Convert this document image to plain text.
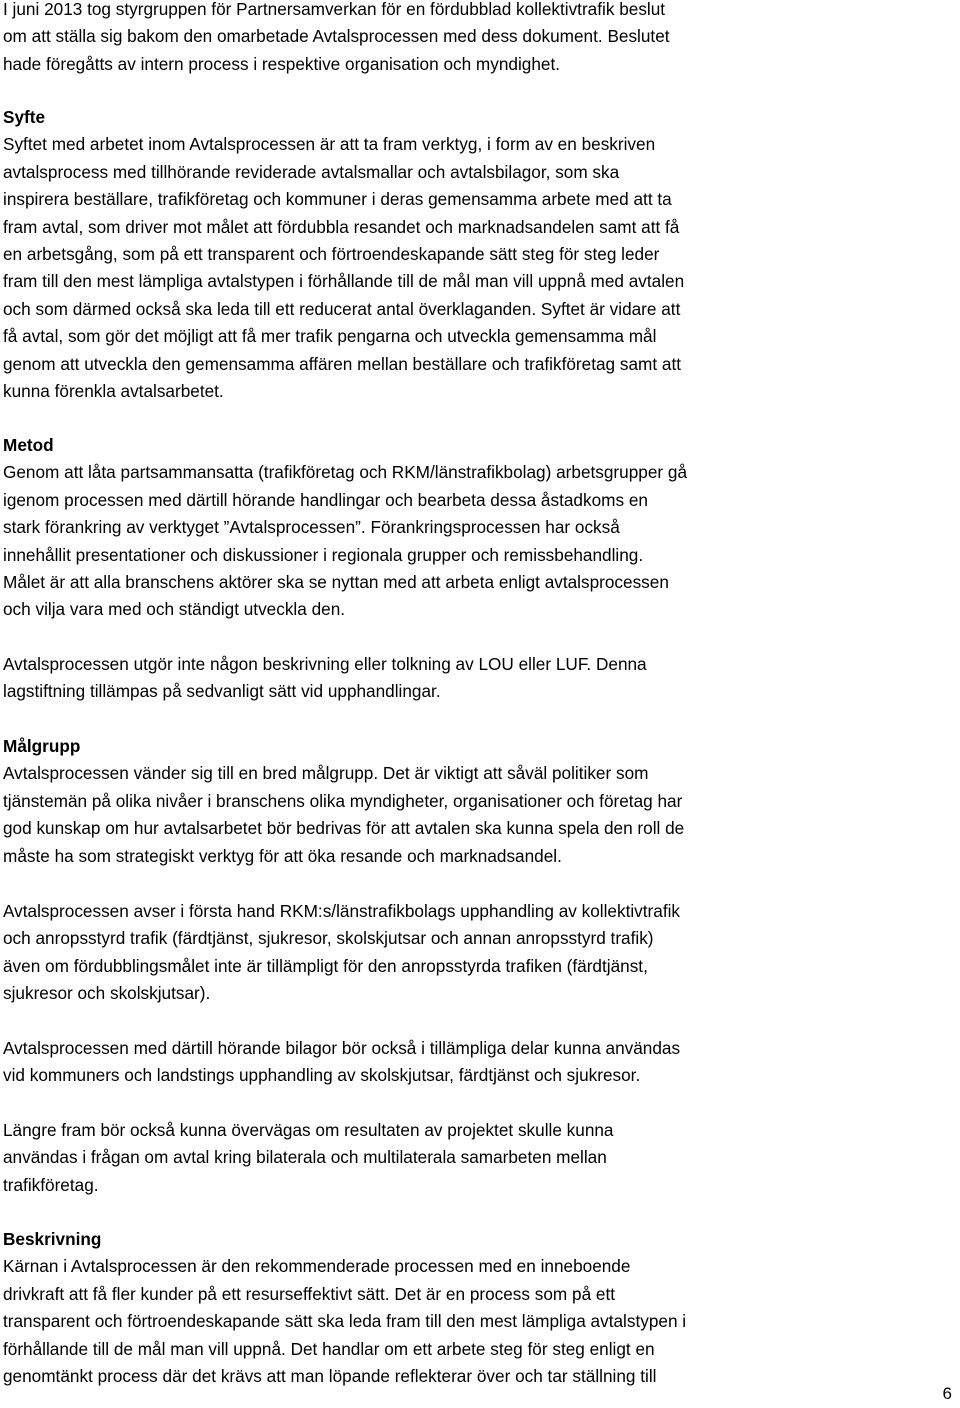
I juni 2013 tog styrgruppen för Partnersamverkan för en fördubblad kollektivtrafik beslut
om att ställa sig bakom den omarbetade Avtalsprocessen med dess dokument. Beslutet
hade föregåtts av intern process i respektive organisation och myndighet.
Syfte
Syftet med arbetet inom Avtalsprocessen är att ta fram verktyg, i form av en beskriven
avtalsprocess med tillhörande reviderade avtalsmallar och avtalsbilagor, som ska
inspirera beställare, trafikföretag och kommuner i deras gemensamma arbete med att ta
fram avtal, som driver mot målet att fördubbla resandet och marknadsandelen samt att få
en arbetsgång, som på ett transparent och förtroendeskapande sätt steg för steg leder
fram till den mest lämpliga avtalstypen i förhållande till de mål man vill uppnå med avtalen
och som därmed också ska leda till ett reducerat antal överklaganden. Syftet är vidare att
få avtal, som gör det möjligt att få mer trafik pengarna och utveckla gemensamma mål
genom att utveckla den gemensamma affären mellan beställare och trafikföretag samt att
kunna förenkla avtalsarbetet.
Metod
Genom att låta partsammansatta (trafikföretag och RKM/länstrafikbolag) arbetsgrupper gå
igenom processen med därtill hörande handlingar och bearbeta dessa åstadkoms en
stark förankring av verktyget ”Avtalsprocessen”. Förankringsprocessen har också
innehållit presentationer och diskussioner i regionala grupper och remissbehandling.
Målet är att alla branschens aktörer ska se nyttan med att arbeta enligt avtalsprocessen
och vilja vara med och ständigt utveckla den.
Avtalsprocessen utgör inte någon beskrivning eller tolkning av LOU eller LUF. Denna
lagstiftning tillämpas på sedvanligt sätt vid upphandlingar.
Målgrupp
Avtalsprocessen vänder sig till en bred målgrupp. Det är viktigt att såväl politiker som
tjänstemän på olika nivåer i branschens olika myndigheter, organisationer och företag har
god kunskap om hur avtalsarbetet bör bedrivas för att avtalen ska kunna spela den roll de
måste ha som strategiskt verktyg för att öka resande och marknadsandel.
Avtalsprocessen avser i första hand RKM:s/länstrafikbolags upphandling av kollektivtrafik
och anropsstyrd trafik (färdtjänst, sjukresor, skolskjutsar och annan anropsstyrd trafik)
även om fördubblingsmålet inte är tillämpligt för den anropsstyrda trafiken (färdtjänst,
sjukresor och skolskjutsar).
Avtalsprocessen med därtill hörande bilagor bör också i tillämpliga delar kunna användas
vid kommuners och landstings upphandling av skolskjutsar, färdtjänst och sjukresor.
Längre fram bör också kunna övervägas om resultaten av projektet skulle kunna
användas i frågan om avtal kring bilaterala och multilaterala samarbeten mellan
trafikföretag.
Beskrivning
Kärnan i Avtalsprocessen är den rekommenderade processen med en inneboende
drivkraft att få fler kunder på ett resurseffektivt sätt. Det är en process som på ett
transparent och förtroendeskapande sätt ska leda fram till den mest lämpliga avtalstypen i
förhållande till de mål man vill uppnå. Det handlar om ett arbete steg för steg enligt en
genomtänkt process där det krävs att man löpande reflekterar över och tar ställning till
6
